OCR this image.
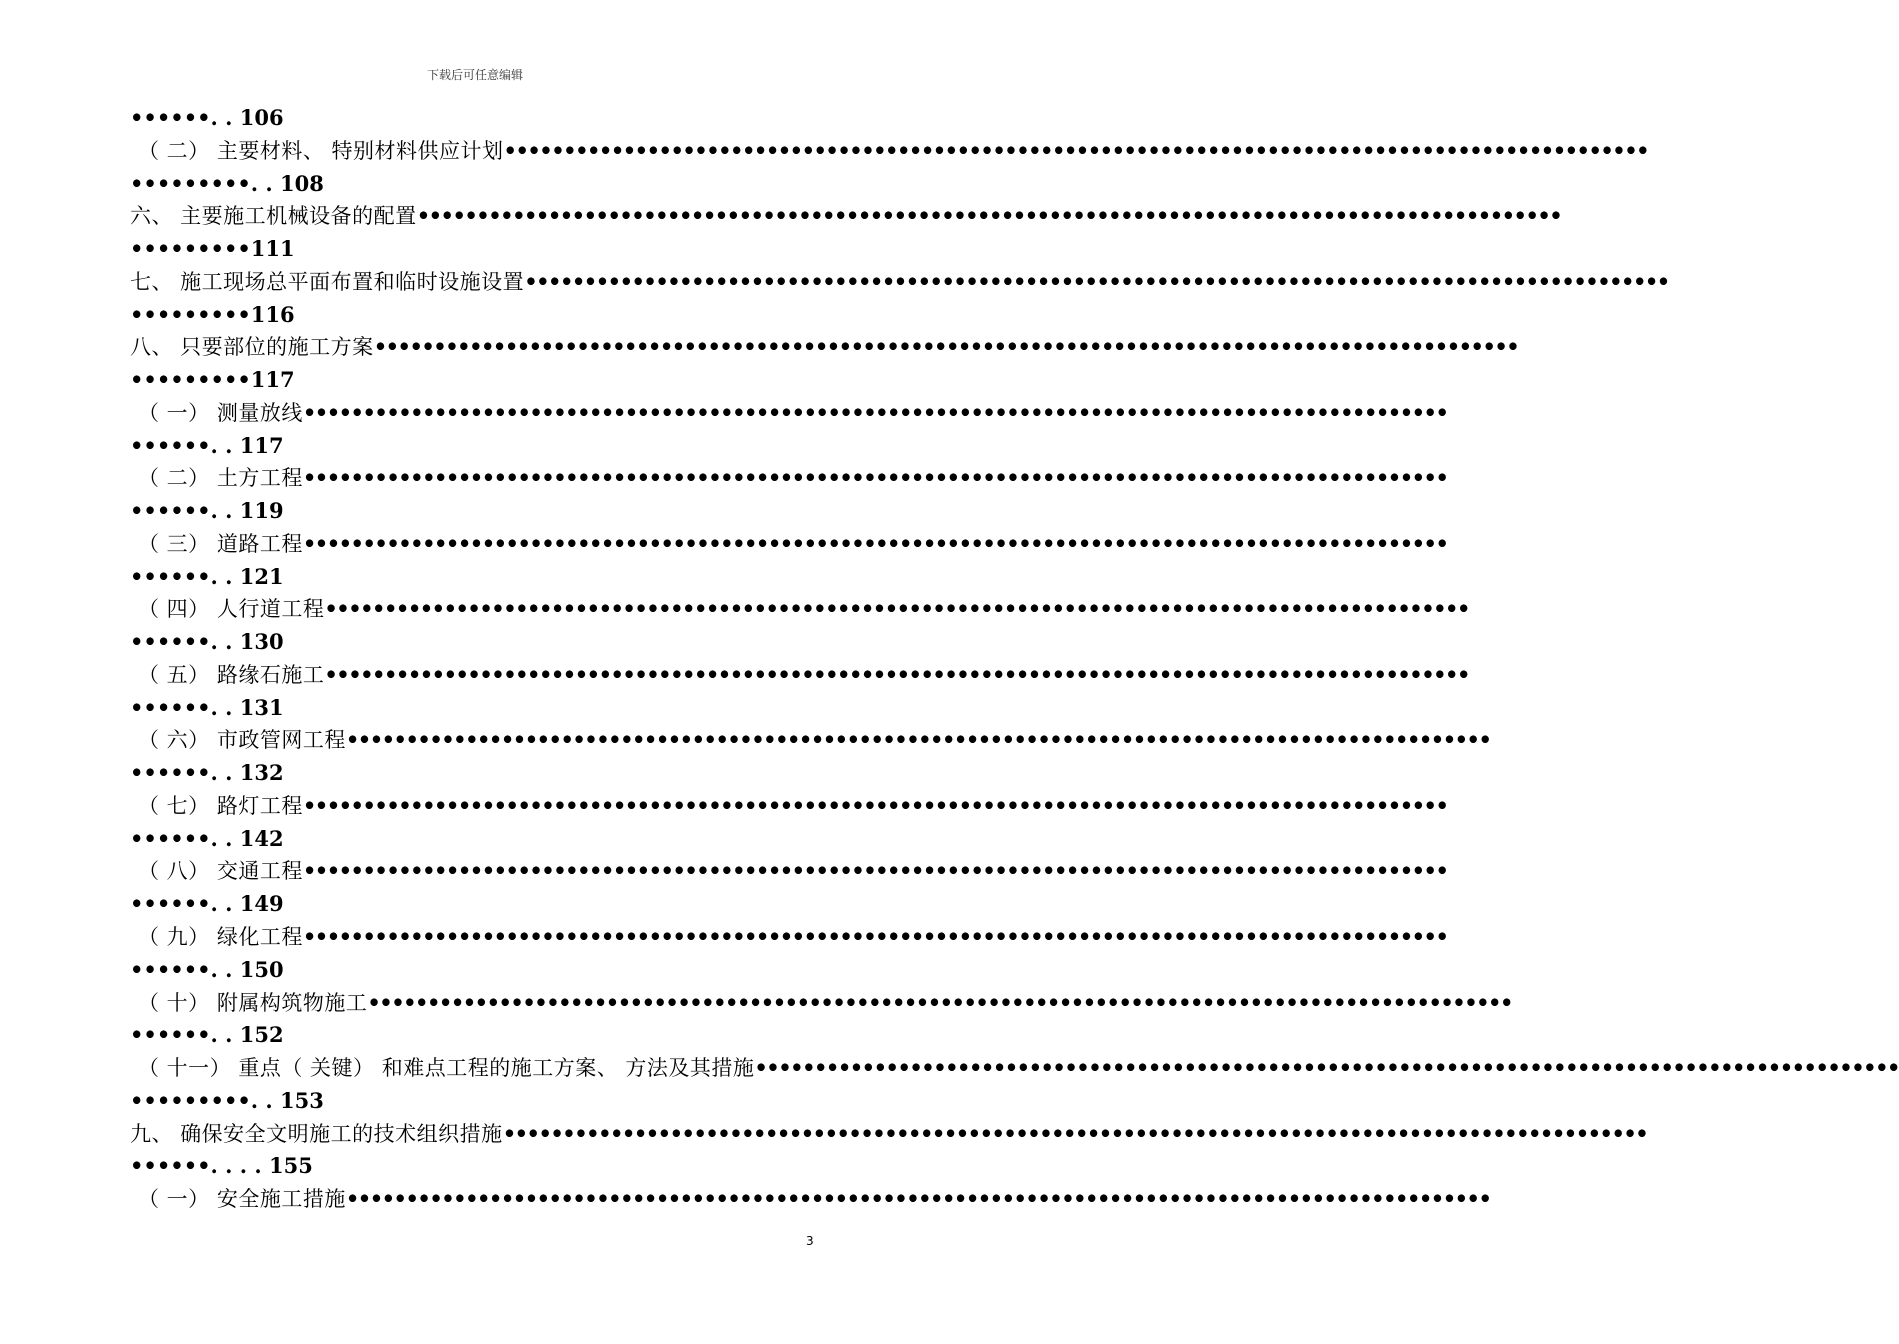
下载后可任意编辑
••••••. . 106
（ 二） 主要材料、 特别材料供应计划••••••••••••••••••••••••••••••••••••••••••••••••••••••••••••••••••••••••••••••••••••••••••••••••
•••••••••. . 108
六、 主要施工机械设备的配置••••••••••••••••••••••••••••••••••••••••••••••••••••••••••••••••••••••••••••••••••••••••••••••••
•••••••••111
七、 施工现场总平面布置和临时设施设置••••••••••••••••••••••••••••••••••••••••••••••••••••••••••••••••••••••••••••••••••••••••••••••••
•••••••••116
八、 只要部位的施工方案••••••••••••••••••••••••••••••••••••••••••••••••••••••••••••••••••••••••••••••••••••••••••••••••
•••••••••117
（ 一） 测量放线••••••••••••••••••••••••••••••••••••••••••••••••••••••••••••••••••••••••••••••••••••••••••••••••
••••••. . 117
（ 二） 土方工程••••••••••••••••••••••••••••••••••••••••••••••••••••••••••••••••••••••••••••••••••••••••••••••••
••••••. . 119
（ 三） 道路工程••••••••••••••••••••••••••••••••••••••••••••••••••••••••••••••••••••••••••••••••••••••••••••••••
••••••. . 121
（ 四） 人行道工程••••••••••••••••••••••••••••••••••••••••••••••••••••••••••••••••••••••••••••••••••••••••••••••••
••••••. . 130
（ 五） 路缘石施工••••••••••••••••••••••••••••••••••••••••••••••••••••••••••••••••••••••••••••••••••••••••••••••••
••••••. . 131
（ 六） 市政管网工程••••••••••••••••••••••••••••••••••••••••••••••••••••••••••••••••••••••••••••••••••••••••••••••••
••••••. . 132
（ 七） 路灯工程••••••••••••••••••••••••••••••••••••••••••••••••••••••••••••••••••••••••••••••••••••••••••••••••
••••••. . 142
（ 八） 交通工程••••••••••••••••••••••••••••••••••••••••••••••••••••••••••••••••••••••••••••••••••••••••••••••••
••••••. . 149
（ 九） 绿化工程••••••••••••••••••••••••••••••••••••••••••••••••••••••••••••••••••••••••••••••••••••••••••••••••
••••••. . 150
（ 十） 附属构筑物施工••••••••••••••••••••••••••••••••••••••••••••••••••••••••••••••••••••••••••••••••••••••••••••••••
••••••. . 152
（ 十一） 重点（ 关键） 和难点工程的施工方案、 方法及其措施••••••••••••••••••••••••••••••••••••••••••••••••••••••••••••••••••••••••••••••••••••••••••••••••
•••••••••. . 153
九、 确保安全文明施工的技术组织措施••••••••••••••••••••••••••••••••••••••••••••••••••••••••••••••••••••••••••••••••••••••••••••••••
••••••. . . . 155
（ 一） 安全施工措施••••••••••••••••••••••••••••••••••••••••••••••••••••••••••••••••••••••••••••••••••••••••••••••••
3
